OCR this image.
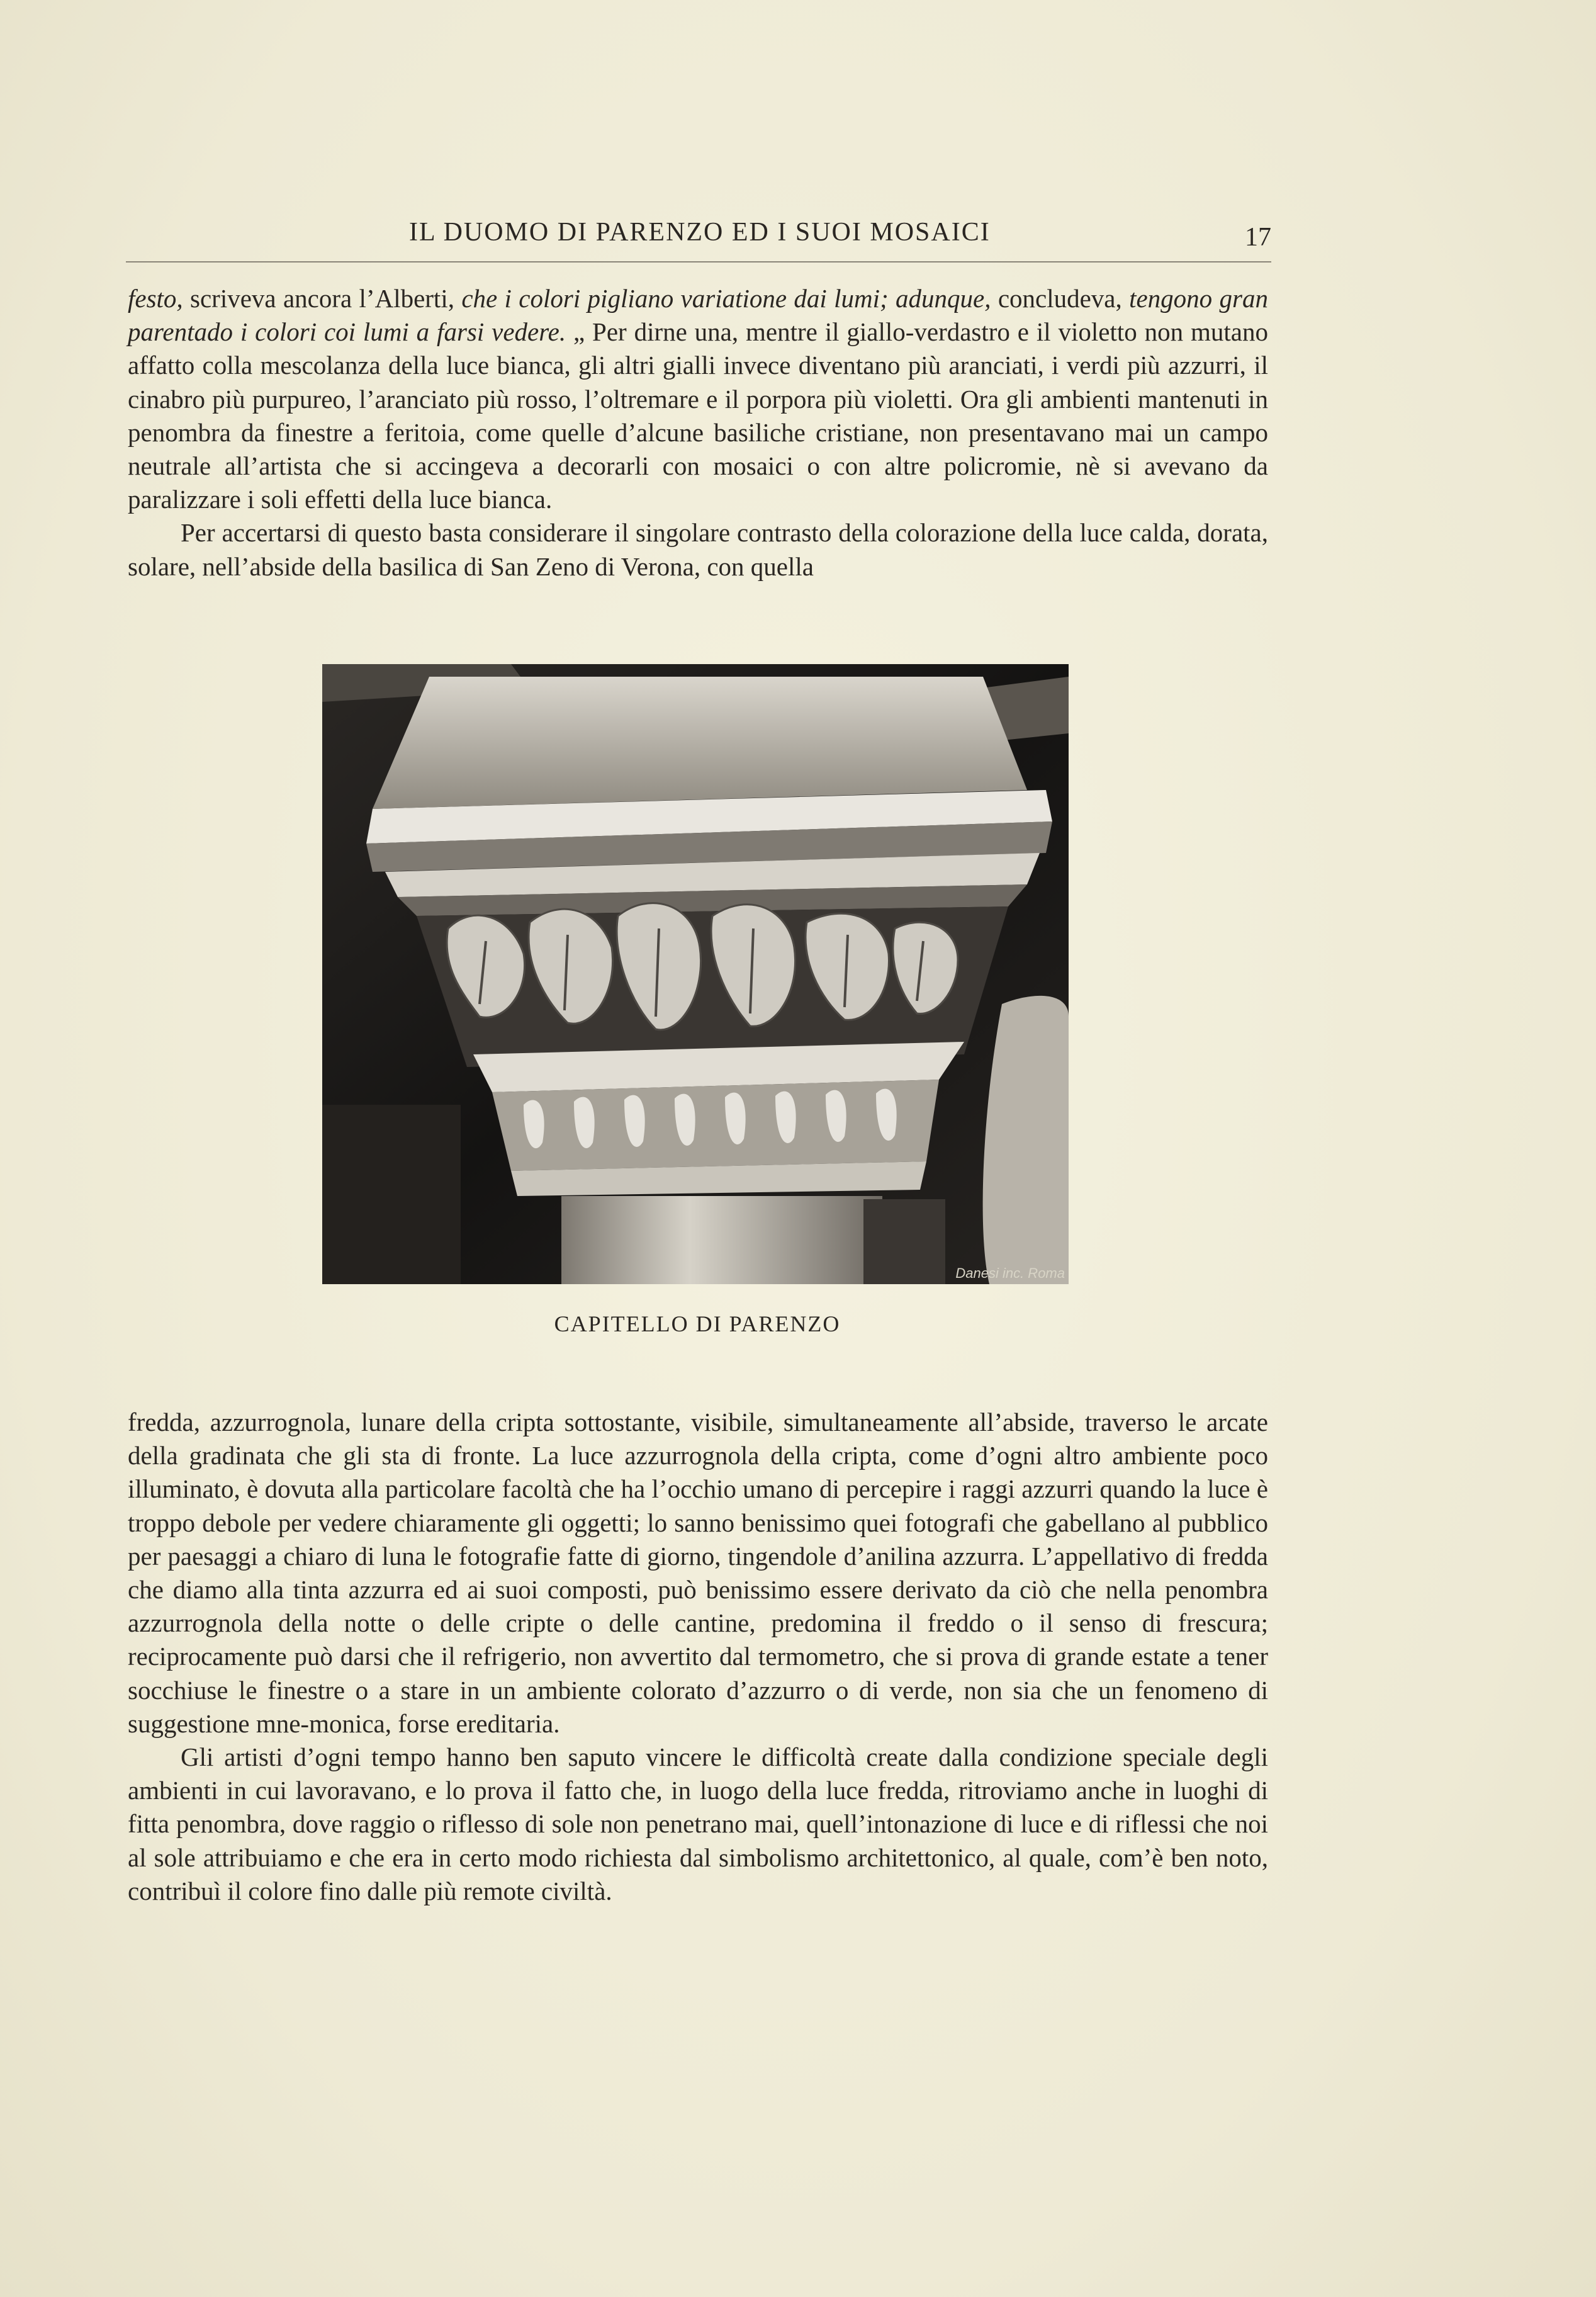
IL DUOMO DI PARENZO ED I SUOI MOSAICI	17

festo, scriveva ancora l’Alberti, che i colori pigliano variatione dai lumi; adunque, concludeva, tengono gran parentado i colori coi lumi a farsi vedere. „ Per dirne una, mentre il giallo-verdastro e il violetto non mutano affatto colla mescolanza della luce bianca, gli altri gialli invece diventano più aranciati, i verdi più azzurri, il cinabro più purpureo, l’aranciato più rosso, l’oltremare e il porpora più violetti. Ora gli ambienti mantenuti in penombra da finestre a feritoia, come quelle d’alcune basiliche cristiane, non presentavano mai un campo neutrale all’artista che si accingeva a decorarli con mosaici o con altre policromie, nè si avevano da paralizzare i soli effetti della luce bianca.

Per accertarsi di questo basta considerare il singolare contrasto della colorazione della luce calda, dorata, solare, nell’abside della basilica di San Zeno di Verona, con quella

Danesi inc. Roma
CAPITELLO DI PARENZO

fredda, azzurrognola, lunare della cripta sottostante, visibile, simultaneamente all’abside, traverso le arcate della gradinata che gli sta di fronte. La luce azzurrognola della cripta, come d’ogni altro ambiente poco illuminato, è dovuta alla particolare facoltà che ha l’occhio umano di percepire i raggi azzurri quando la luce è troppo debole per vedere chiaramente gli oggetti; lo sanno benissimo quei fotografi che gabellano al pubblico per paesaggi a chiaro di luna le fotografie fatte di giorno, tingendole d’anilina azzurra. L’appellativo di fredda che diamo alla tinta azzurra ed ai suoi composti, può benissimo essere derivato da ciò che nella penombra azzurrognola della notte o delle cripte o delle cantine, predomina il freddo o il senso di frescura; reciprocamente può darsi che il refrigerio, non avvertito dal termometro, che si prova di grande estate a tener socchiuse le finestre o a stare in un ambiente colorato d’azzurro o di verde, non sia che un fenomeno di suggestione mne-monica, forse ereditaria.

Gli artisti d’ogni tempo hanno ben saputo vincere le difficoltà create dalla condizione speciale degli ambienti in cui lavoravano, e lo prova il fatto che, in luogo della luce fredda, ritroviamo anche in luoghi di fitta penombra, dove raggio o riflesso di sole non penetrano mai, quell’intonazione di luce e di riflessi che noi al sole attribuiamo e che era in certo modo richiesta dal simbolismo architettonico, al quale, com’è ben noto, contribuì il colore fino dalle più remote civiltà.
